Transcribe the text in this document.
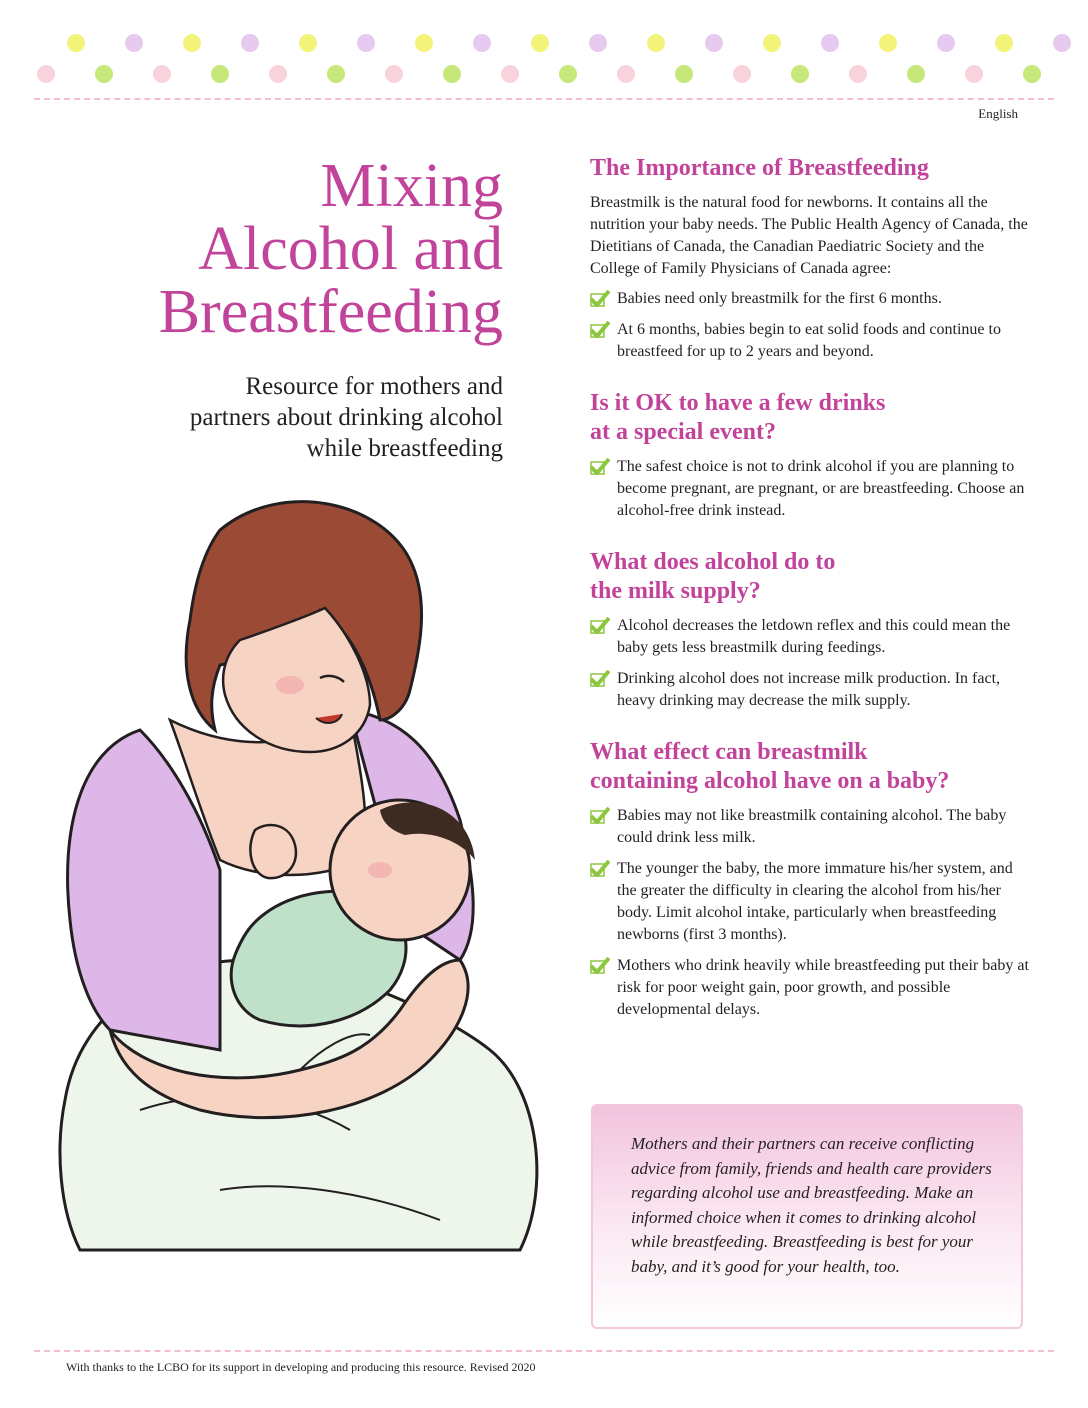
English
Mixing
Alcohol and
Breastfeeding

Resource for mothers and
partners about drinking alcohol
while breastfeeding

The Importance of Breastfeeding

Breastmilk is the natural food for newborns. It contains all the nutrition your baby needs. The Public Health Agency of Canada, the Dietitians of Canada, the Canadian Paediatric Society and the College of Family Physicians of Canada agree:

Babies need only breastmilk for the first 6 months.
At 6 months, babies begin to eat solid foods and continue to breastfeed for up to 2 years and beyond.
Is it OK to have a few drinks
at a special event?
The safest choice is not to drink alcohol if you are planning to become pregnant, are pregnant, or are breastfeeding. Choose an alcohol-free drink instead.
What does alcohol do to
the milk supply?
Alcohol decreases the letdown reflex and this could mean the baby gets less breastmilk during feedings.
Drinking alcohol does not increase milk production. In fact, heavy drinking may decrease the milk supply.
What effect can breastmilk
containing alcohol have on a baby?
Babies may not like breastmilk containing alcohol. The baby could drink less milk.
The younger the baby, the more immature his/her system, and the greater the difficulty in clearing the alcohol from his/her body. Limit alcohol intake, particularly when breastfeeding newborns (first 3 months).
Mothers who drink heavily while breastfeeding put their baby at risk for poor weight gain, poor growth, and possible developmental delays.

Mothers and their partners can receive conflicting advice from family, friends and health care providers regarding alcohol use and breastfeeding. Make an informed choice when it comes to drinking alcohol while breastfeeding. Breastfeeding is best for your baby, and it’s good for your health, too.

With thanks to the LCBO for its support in developing and producing this resource. Revised 2020
